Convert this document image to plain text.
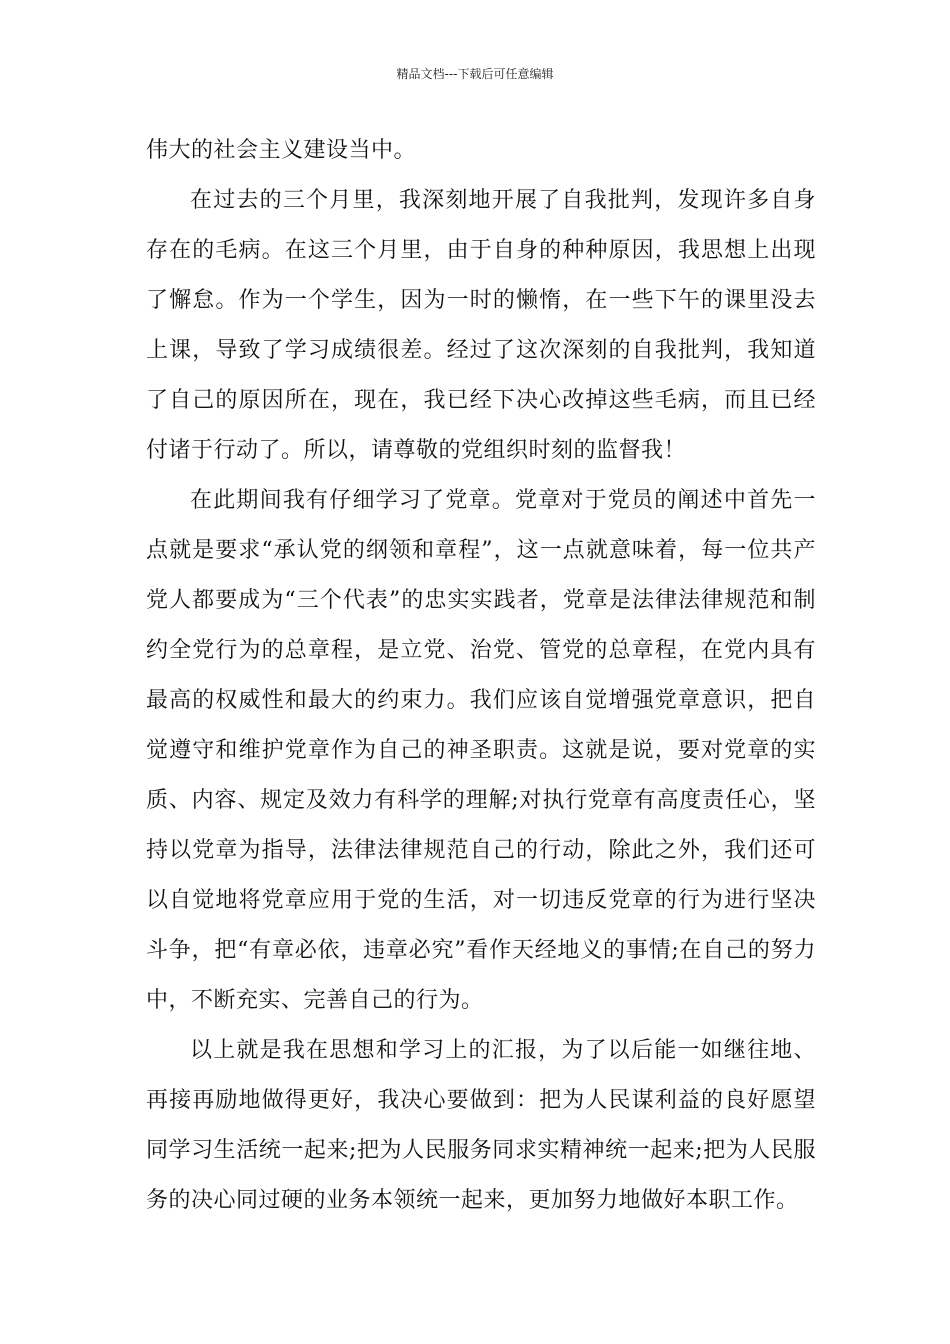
精品文档---下载后可任意编辑

伟大的社会主义建设当中。

在过去的三个月里，我深刻地开展了自我批判，发现许多自身存在的毛病。在这三个月里，由于自身的种种原因，我思想上出现了懈怠。作为一个学生，因为一时的懒惰，在一些下午的课里没去上课，导致了学习成绩很差。经过了这次深刻的自我批判，我知道了自己的原因所在，现在，我已经下决心改掉这些毛病，而且已经付诸于行动了。所以，请尊敬的党组织时刻的监督我！

在此期间我有仔细学习了党章。党章对于党员的阐述中首先一点就是要求“承认党的纲领和章程”，这一点就意味着，每一位共产党人都要成为“三个代表”的忠实实践者，党章是法律法律规范和制约全党行为的总章程，是立党、治党、管党的总章程，在党内具有最高的权威性和最大的约束力。我们应该自觉增强党章意识，把自觉遵守和维护党章作为自己的神圣职责。这就是说，要对党章的实质、内容、规定及效力有科学的理解;对执行党章有高度责任心，坚持以党章为指导，法律法律规范自己的行动，除此之外，我们还可以自觉地将党章应用于党的生活，对一切违反党章的行为进行坚决斗争，把“有章必依，违章必究”看作天经地义的事情;在自己的努力中，不断充实、完善自己的行为。

以上就是我在思想和学习上的汇报，为了以后能一如继往地、再接再励地做得更好，我决心要做到：把为人民谋利益的良好愿望同学习生活统一起来;把为人民服务同求实精神统一起来;把为人民服务的决心同过硬的业务本领统一起来，更加努力地做好本职工作。
